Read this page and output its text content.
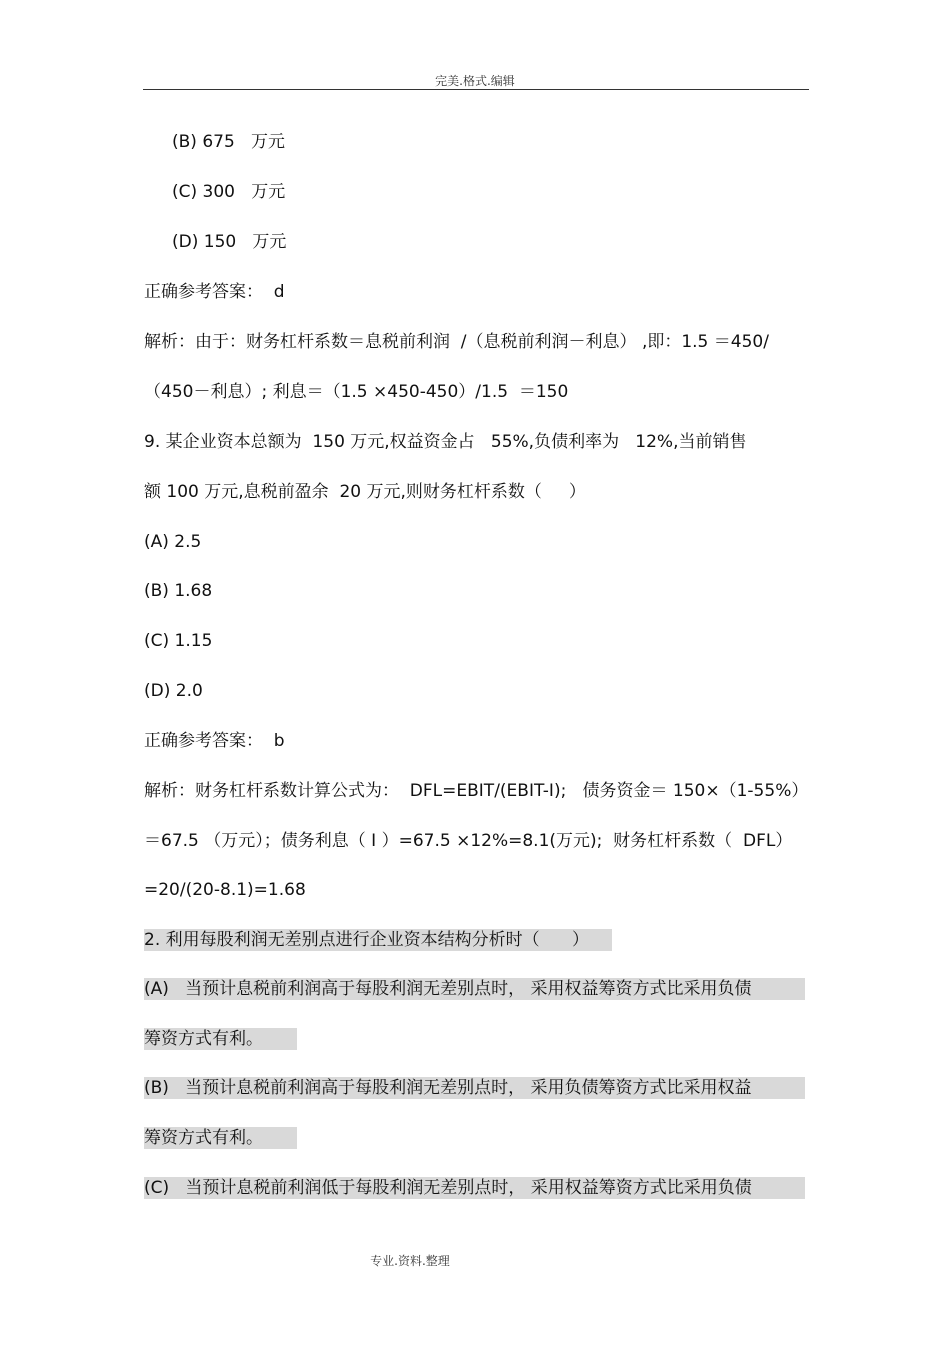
完美.格式.编辑
(B) 675   万元
(C) 300   万元
(D) 150   万元
正确参考答案：  d
解析：由于：财务杠杆系数＝息税前利润  /（息税前利润－利息） ,即：1.5 ＝450/
（450－利息）; 利息＝（1.5 ×450-450）/1.5  ＝150
9. 某企业资本总额为  150 万元,权益资金占   55%,负债利率为   12%,当前销售
额 100 万元,息税前盈余  20 万元,则财务杠杆系数（     ）
(A) 2.5
(B) 1.68
(C) 1.15
(D) 2.0
正确参考答案：  b
解析：财务杠杆系数计算公式为：  DFL=EBIT/(EBIT-I);   债务资金＝ 150×（1-55%）
＝67.5 （万元）；债务利息（ I ）=67.5 ×12%=8.1(万元);  财务杠杆系数（  DFL）
=20/(20-8.1)=1.68
2. 利用每股利润无差别点进行企业资本结构分析时（      ）
(A)   当预计息税前利润高于每股利润无差别点时， 采用权益筹资方式比采用负债
筹资方式有利。
(B)   当预计息税前利润高于每股利润无差别点时， 采用负债筹资方式比采用权益
筹资方式有利。
(C)   当预计息税前利润低于每股利润无差别点时， 采用权益筹资方式比采用负债
专业.资料.整理
